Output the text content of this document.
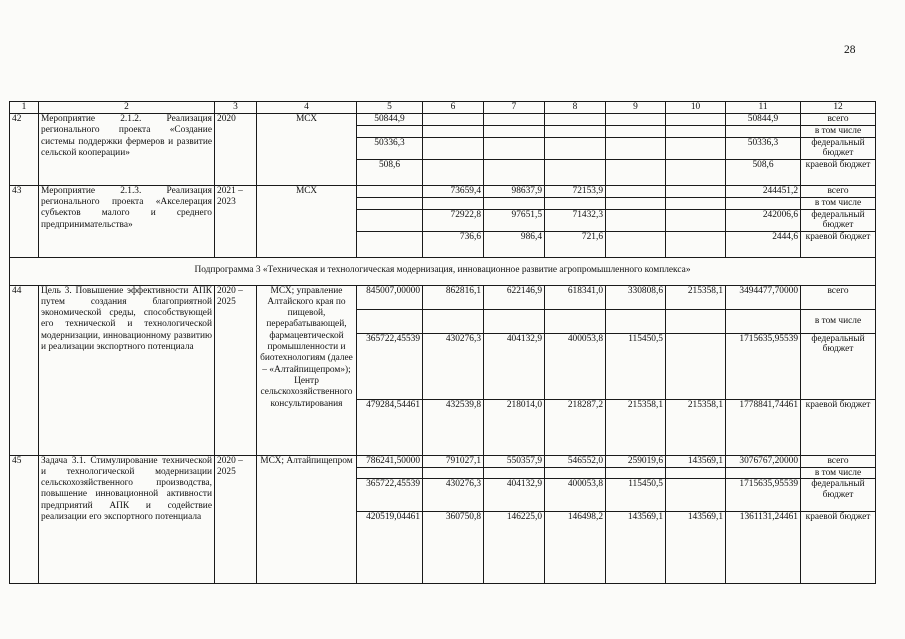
28
1	2	3	4	5	6	7	8	9	10	11	12
42	Мероприятие 2.1.2. Реализация регионального проекта «Создание системы поддержки фермеров и развитие сельской кооперации»	2020	МСХ	50844,9						50844,9	всего
											в том числе
				50336,3						50336,3	федеральный бюджет
				508,6						508,6	краевой бюджет
43	Мероприятие 2.1.3. Реализация регионального проекта «Акселерация субъектов малого и среднего предпринимательства»	2021 – 2023	МСХ		73659,4	98637,9	72153,9			244451,2	всего
											в том числе
					72922,8	97651,5	71432,3			242006,6	федеральный бюджет
					736,6	986,4	721,6			2444,6	краевой бюджет
Подпрограмма 3 «Техническая и технологическая модернизация, инновационное развитие агропромышленного комплекса»											
44	Цель 3. Повышение эффективности АПК путем создания благоприятной экономической среды, способствующей его технической и технологической модернизации, инновационному развитию и реализации экспортного потенциала	2020 – 2025	МСХ; управление Алтайского края по пищевой, перерабатывающей, фармацевтической промышленности и биотехнологиям (далее – «Алтайпищепром»); Центр сельскохозяйственного консультирования	845007,00000	862816,1	622146,9	618341,0	330808,6	215358,1	3494477,70000	всего
											в том числе
				365722,45539	430276,3	404132,9	400053,8	115450,5		1715635,95539	федеральный бюджет
				479284,54461	432539,8	218014,0	218287,2	215358,1	215358,1	1778841,74461	краевой бюджет
45	Задача 3.1. Стимулирование технической и технологической модернизации сельскохозяйственного производства, повышение инновационной активности предприятий АПК и содействие реализации его экспортного потенциала	2020 – 2025	МСХ; Алтайпищепром	786241,50000	791027,1	550357,9	546552,0	259019,6	143569,1	3076767,20000	всего
											в том числе
				365722,45539	430276,3	404132,9	400053,8	115450,5		1715635,95539	федеральный бюджет
				420519,04461	360750,8	146225,0	146498,2	143569,1	143569,1	1361131,24461	краевой бюджет
